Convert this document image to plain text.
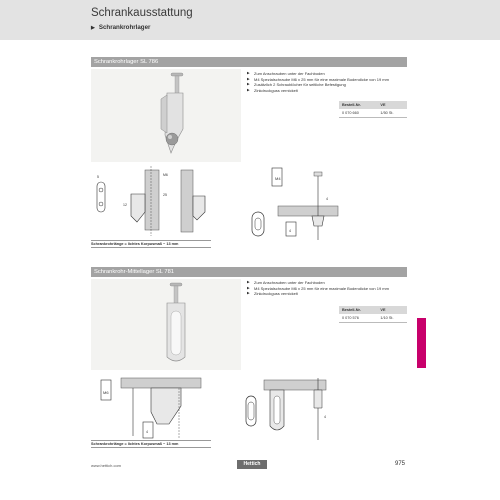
Schrankausstattung
▶ Schrankrohrlager
Schrankrohrlager SL 786
▶ Zum Anschrauben unter der Fachboden
▶ M4 Spezialschraube M6 x 25 mm für eine maximale Bodendicke von 19 mm
▶ Zusätzlich 2 Schraublöcher für seitliche Befestigung
▶ Zinkdruckguss vernickelt
Bestell-Nr.	VE
0 070 660	1/50 St.
5	M6
25
12
Schrankrohrlänge = lichtes Korpusmaß − 13 mm
M4
4
4
Schrankrohr-Mittellager SL 781
▶ Zum Anschrauben unter der Fachboden
▶ M4 Spezialschraube M6 x 25 mm für eine maximale Bodendicke von 19 mm
▶ Zinkdruckguss vernickelt
Bestell-Nr.	VE
0 070 576	1/10 St.
M6
4
Schrankrohrlänge = lichtes Korpusmaß − 13 mm
4
www.hettich.com	Hettich	975
